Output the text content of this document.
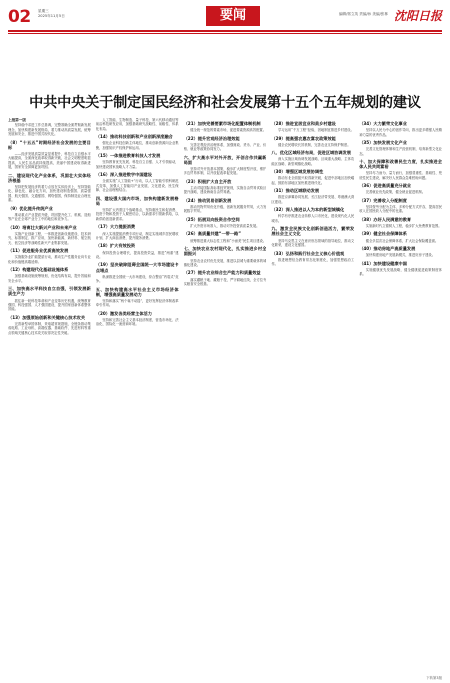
02 星期三
2025年11月5日	要闻	编辑/郭立英 责编/孙 美编/张林 沈阳日报
中共中央关于制定国民经济和社会发展第十五个五年规划的建议
上接第一版
坚持稳中求进工作总基调，完整准确全面贯彻新发展理念，加快构建新发展格局，着力推动高质量发展，统筹发展和安全，推进中国式现代化。
（8）“十五五”时期经济社会发展的主要目标
——经济发展质量效益显著提升，科技自立自强水平大幅提高，全面深化改革取得新突破，社会文明程度明显提高，人民生活品质持续提高，美丽中国建设取得新进展，国家安全屏障更加巩固。
二、建设现代化产业体系，巩固壮大实体经济根基
坚持把发展经济的着力点放在实体经济上，坚持智能化、绿色化、融合化方向，加快建设制造强国、质量强国、航天强国、交通强国、网络强国，保持制造业合理比重。
（9）优化提升传统产业
推动重点产业提质升级，巩固提升化工、机械、造船等产业在全球产业分工中的地位和竞争力。
（10）培育壮大新兴产业和未来产业
实施产业创新工程，一体推进创新设施建设、技术研究、标准制定、推广应用，加快新能源、新材料、航空航天、低空经济等战略性新兴产业集群发展。
（11）促进服务业优质高效发展
实施服务业扩能提质行动，推动生产性服务业向专业化和价值链高端延伸。
（12）构建现代化基础设施体系
加强基础设施统筹规划，优化结构布局，提升效能和安全水平。
三、加快高水平科技自立自强，引领发展新质生产力
抓住新一轮科技革命和产业变革历史机遇，统筹教育强国、科技强国、人才强国建设，提升国家创新体系整体效能。
（13）加强原始创新和关键核心技术攻关
完善新型举国体制，采取超常规措施，全链条推动集成电路、工业母机、高端仪器、基础软件、先进材料等重点领域关键核心技术攻关取得决定性突破。
人工智能、生物制造、量子科技、第六代移动通信等前沿科技研发应用，加强基础研究战略性、前瞻性、体系化布局。
（14）推动科技创新和产业创新深度融合
强化企业科技创新主体地位，推动创新资源向企业集聚，加强知识产权保护和运用。
（15）一体推进教育科技人才发展
坚持教育优先发展、科技自立自强、人才引领驱动，加快建设国家战略人才力量。
（16）深入推进数字中国建设
全面实施“人工智能+”行动，以人工智能引领科研范式变革，加强人工智能同产业发展、文化建设、民生保障、社会治理相结合。
四、建设强大国内市场，加快构建新发展格局
坚持扩大内需这个战略基点，坚持惠民生和促消费、投资于物和投资于人紧密结合，以新需求引领新供给，以新供给创造新需求。
（17）大力提振消费
深入实施提振消费专项行动，制定实施城乡居民增收计划，扩大商品消费，提升服务消费。
（18）扩大有效投资
保持投资合理增长，提高投资效益，推进“两重”建设。
（19）坚决破除阻碍全国统一大市场建设卡点堵点
纵深推进全国统一大市场建设，综合整治“内卷式”竞争。
五、加快构建高水平社会主义市场经济体制，增强高质量发展动力
坚持和落实“两个毫不动摇”，更好发挥经济体制改革牵引作用。
（20）激发各类经营主体活力
坚持和完善社会主义基本经济制度，营造市场化、法治化、国际化一流营商环境。
（21）加快完善要素市场化配置体制机制
健全统一规范的要素市场，促进要素资源高效配置。
（22）提升宏观经济治理效能
完善宏观经济治理体系，加强财政、货币、产业、价格、就业等政策协同发力。
六、扩大高水平对外开放，开创合作共赢新局面
坚持对外开放基本国策，稳步扩大制度型开放，维护多边贸易体制，以开放促改革促发展。
（23）积极扩大自主开放
主动对接国际高标准经贸规则，实施自由贸易试验区提升战略，建设海南自由贸易港。
（24）推动贸易创新发展
推动货物贸易优化升级，创新发展服务贸易，大力发展数字贸易。
（25）拓展双向投资合作空间
扩大外资市场准入，推动对外投资高质量发展。
（26）高质量共建“一带一路”
统筹推进重大标志性工程和“小而美”民生项目建设。
七、加快农业农村现代化，扎实推进乡村全面振兴
坚持农业农村优先发展，推进以县城为重要载体的城镇化建设。
（27）提升农业综合生产能力和质量效益
落实藏粮于地、藏粮于技，严守耕地红线，全方位夯实粮食安全根基。
（28）推进宜居宜业和美乡村建设
学习运用“千万工程”经验，因地制宜推进乡村建设。
（29）提高强农惠农富农政策效能
健全农民增收长效机制，完善农业支持保护制度。
八、优化区域经济布局，促进区域协调发展
深入实施区域协调发展战略、区域重大战略、主体功能区战略、新型城镇化战略。
（30）增强区域发展协调性
推动东北全面振兴取得新突破，促进中部地区加快崛起，鼓励东部地区加快推进现代化。
（31）推动区域联动发展
推进京津冀协同发展、长江经济带发展、粤港澳大湾区建设。
（32）深入推进以人为本的新型城镇化
科学有序推进农业转移人口市民化，建设现代化人民城市。
九、激发全民族文化创新创造活力，繁荣发展社会主义文化
坚持马克思主义在意识形态领域的指导地位，推动文化繁荣，建设文化强国。
（33）弘扬和践行社会主义核心价值观
推进理想信念教育常态化制度化，加强思想政治工作。
（34）大力繁荣文化事业
坚持以人民为中心的创作导向，推出更多增强人民精神力量的优秀作品。
（35）加快发展文化产业
完善文化管理体制和生产经营机制，培育新型文化业态。
十、加大保障和改善民生力度，扎实推进全体人民共同富裕
坚持尽力而为、量力而行，加强普惠性、基础性、兜底性民生建设，解决好人民群众急难愁盼问题。
（36）促进高质量充分就业
完善就业优先政策，健全就业促进机制。
（37）完善收入分配制度
坚持按劳分配为主体、多种分配方式并存，提高居民收入在国民收入分配中的比重。
（38）办好人民满意的教育
实施新时代立德树人工程，稳步扩大免费教育范围。
（39）健全社会保障体系
健全多层次社会保障体系，扩大社会保险覆盖面。
（40）推动房地产高质量发展
加快构建房地产发展新模式，推进好房子建设。
（41）加快建设健康中国
实施健康优先发展战略，健全健康促进政策制度体系。
下转第3版
